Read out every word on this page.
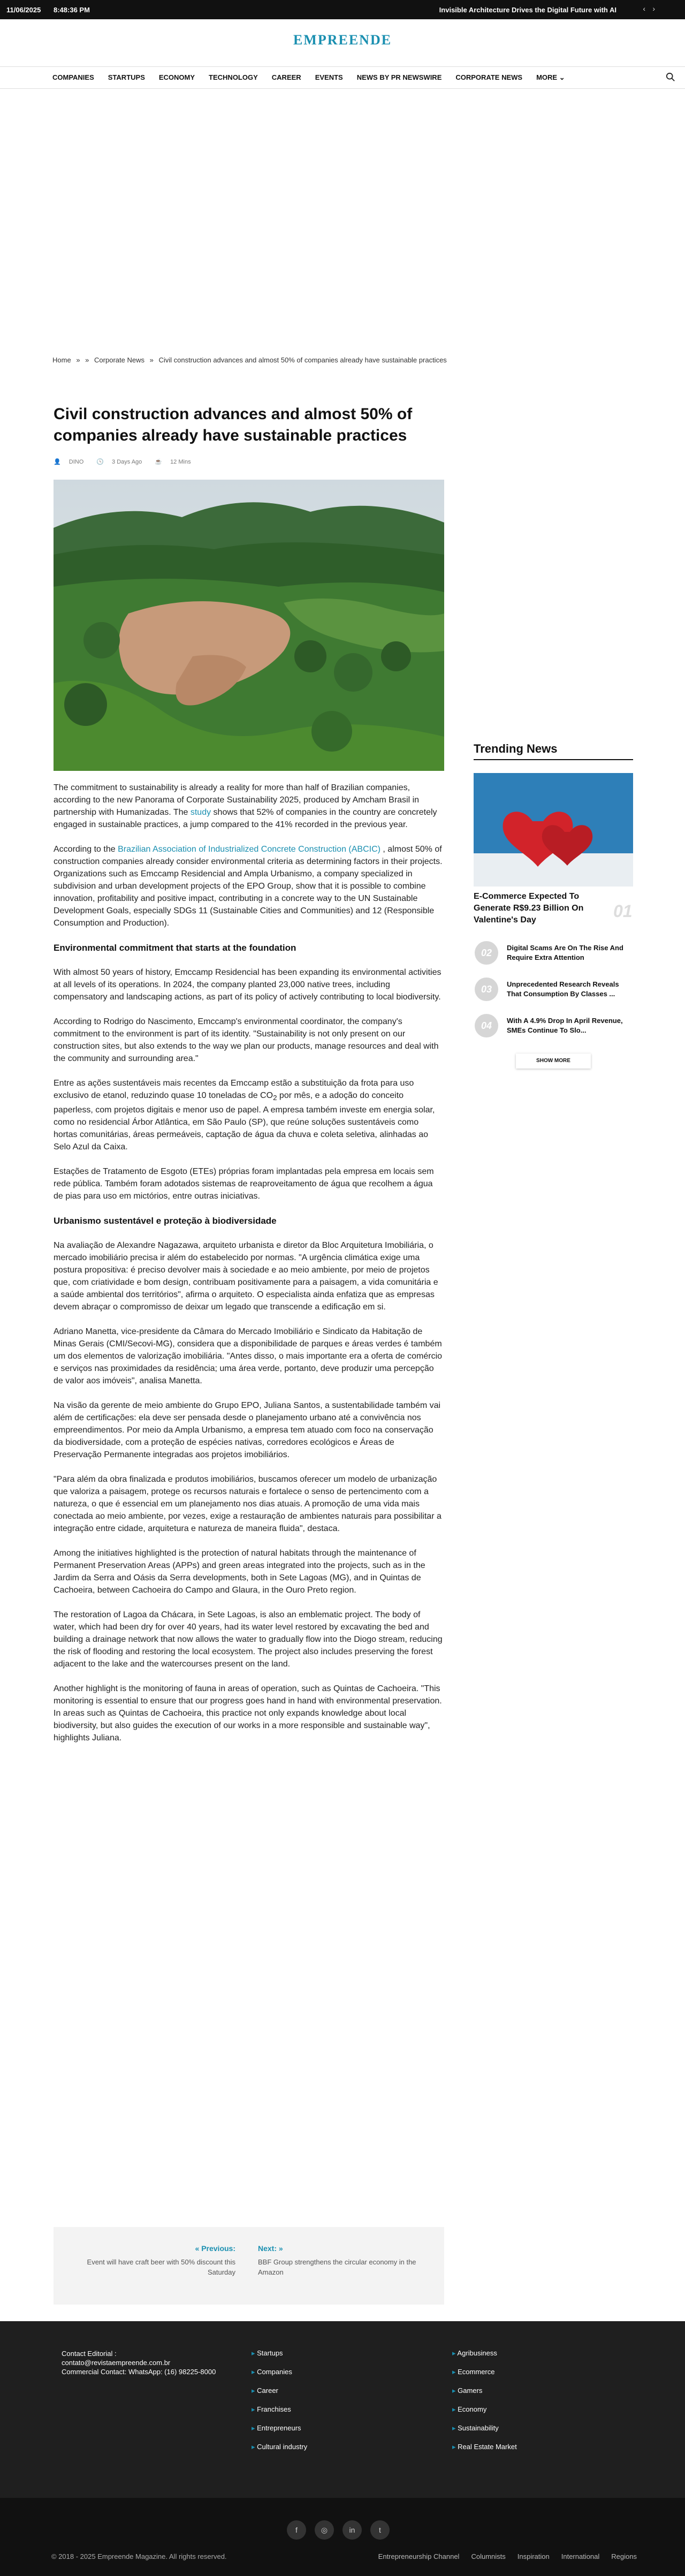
11/06/2025 8:48:36 PM	Invisible Architecture Drives the Digital Future with AI	‹ ›
EMPREENDE
COMPANIES STARTUPS ECONOMY TECHNOLOGY CAREER EVENTS NEWS BY PR NEWSWIRE CORPORATE NEWS MORE ⌄
Home » » Corporate News » Civil construction advances and almost 50% of companies already have sustainable practices
Civil construction advances and almost 50% of companies already have sustainable practices
👤 DINO	🕓 3 Days Ago	☕ 12 Mins

The commitment to sustainability is already a reality for more than half of Brazilian companies, according to the new Panorama of Corporate Sustainability 2025, produced by Amcham Brasil in partnership with Humanizadas. The study shows that 52% of companies in the country are concretely engaged in sustainable practices, a jump compared to the 41% recorded in the previous year.

According to the Brazilian Association of Industrialized Concrete Construction (ABCIC) , almost 50% of construction companies already consider environmental criteria as determining factors in their projects. Organizations such as Emccamp Residencial and Ampla Urbanismo, a company specialized in subdivision and urban development projects of the EPO Group, show that it is possible to combine innovation, profitability and positive impact, contributing in a concrete way to the UN Sustainable Development Goals, especially SDGs 11 (Sustainable Cities and Communities) and 12 (Responsible Consumption and Production).

Environmental commitment that starts at the foundation

With almost 50 years of history, Emccamp Residencial has been expanding its environmental activities at all levels of its operations. In 2024, the company planted 23,000 native trees, including compensatory and landscaping actions, as part of its policy of actively contributing to local biodiversity.

According to Rodrigo do Nascimento, Emccamp's environmental coordinator, the company's commitment to the environment is part of its identity. "Sustainability is not only present on our construction sites, but also extends to the way we plan our products, manage resources and deal with the community and surrounding area."

Entre as ações sustentáveis mais recentes da Emccamp estão a substituição da frota para uso exclusivo de etanol, reduzindo quase 10 toneladas de $CO_2$ por mês, e a adoção do conceito paperless, com projetos digitais e menor uso de papel. A empresa também investe em energia solar, como no residencial Árbor Atlântica, em São Paulo (SP), que reúne soluções sustentáveis como hortas comunitárias, áreas permeáveis, captação de água da chuva e coleta seletiva, alinhadas ao Selo Azul da Caixa.

Estações de Tratamento de Esgoto (ETEs) próprias foram implantadas pela empresa em locais sem rede pública. Também foram adotados sistemas de reaproveitamento de água que recolhem a água de pias para uso em mictórios, entre outras iniciativas.

Urbanismo sustentável e proteção à biodiversidade

Na avaliação de Alexandre Nagazawa, arquiteto urbanista e diretor da Bloc Arquitetura Imobiliária, o mercado imobiliário precisa ir além do estabelecido por normas. "A urgência climática exige uma postura propositiva: é preciso devolver mais à sociedade e ao meio ambiente, por meio de projetos que, com criatividade e bom design, contribuam positivamente para a paisagem, a vida comunitária e a saúde ambiental dos territórios", afirma o arquiteto. O especialista ainda enfatiza que as empresas devem abraçar o compromisso de deixar um legado que transcende a edificação em si.

Adriano Manetta, vice-presidente da Câmara do Mercado Imobiliário e Sindicato da Habitação de Minas Gerais (CMI/Secovi-MG), considera que a disponibilidade de parques e áreas verdes é também um dos elementos de valorização imobiliária. "Antes disso, o mais importante era a oferta de comércio e serviços nas proximidades da residência; uma área verde, portanto, deve produzir uma percepção de valor aos imóveis", analisa Manetta.

Na visão da gerente de meio ambiente do Grupo EPO, Juliana Santos, a sustentabilidade também vai além de certificações: ela deve ser pensada desde o planejamento urbano até a convivência nos empreendimentos. Por meio da Ampla Urbanismo, a empresa tem atuado com foco na conservação da biodiversidade, com a proteção de espécies nativas, corredores ecológicos e Áreas de Preservação Permanente integradas aos projetos imobiliários.

"Para além da obra finalizada e produtos imobiliários, buscamos oferecer um modelo de urbanização que valoriza a paisagem, protege os recursos naturais e fortalece o senso de pertencimento com a natureza, o que é essencial em um planejamento nos dias atuais. A promoção de uma vida mais conectada ao meio ambiente, por vezes, exige a restauração de ambientes naturais para possibilitar a integração entre cidade, arquitetura e natureza de maneira fluida", destaca.

Among the initiatives highlighted is the protection of natural habitats through the maintenance of Permanent Preservation Areas (APPs) and green areas integrated into the projects, such as in the Jardim da Serra and Oásis da Serra developments, both in Sete Lagoas (MG), and in Quintas de Cachoeira, between Cachoeira do Campo and Glaura, in the Ouro Preto region.

The restoration of Lagoa da Chácara, in Sete Lagoas, is also an emblematic project. The body of water, which had been dry for over 40 years, had its water level restored by excavating the bed and building a drainage network that now allows the water to gradually flow into the Diogo stream, reducing the risk of flooding and restoring the local ecosystem. The project also includes preserving the forest adjacent to the lake and the watercourses present on the land.

Another highlight is the monitoring of fauna in areas of operation, such as Quintas de Cachoeira. "This monitoring is essential to ensure that our progress goes hand in hand with environmental preservation. In areas such as Quintas de Cachoeira, this practice not only expands knowledge about local biodiversity, but also guides the execution of our works in a more responsible and sustainable way", highlights Juliana.

« Previous:
Event will have craft beer with 50% discount this Saturday
Next: »
BBF Group strengthens the circular economy in the Amazon
Trending News
E-Commerce Expected To Generate R$9.23 Billion On Valentine's Day	01
02	Digital Scams Are On The Rise And Require Extra Attention
03	Unprecedented Research Reveals That Consumption By Classes ...
04	With A 4.9% Drop In April Revenue, SMEs Continue To Slo...
SHOW MORE
Contact Editorial :
contato@revistaempreende.com.br
Commercial Contact: WhatsApp: (16) 98225-8000
▸ Startups
▸ Companies
▸ Career
▸ Franchises
▸ Entrepreneurs
▸ Cultural industry
▸ Agribusiness
▸ Ecommerce
▸ Gamers
▸ Economy
▸ Sustainability
▸ Real Estate Market
f	◎	in	t
© 2018 - 2025 Empreende Magazine. All rights reserved.	Entrepreneurship Channel Columnists Inspiration International Regions
